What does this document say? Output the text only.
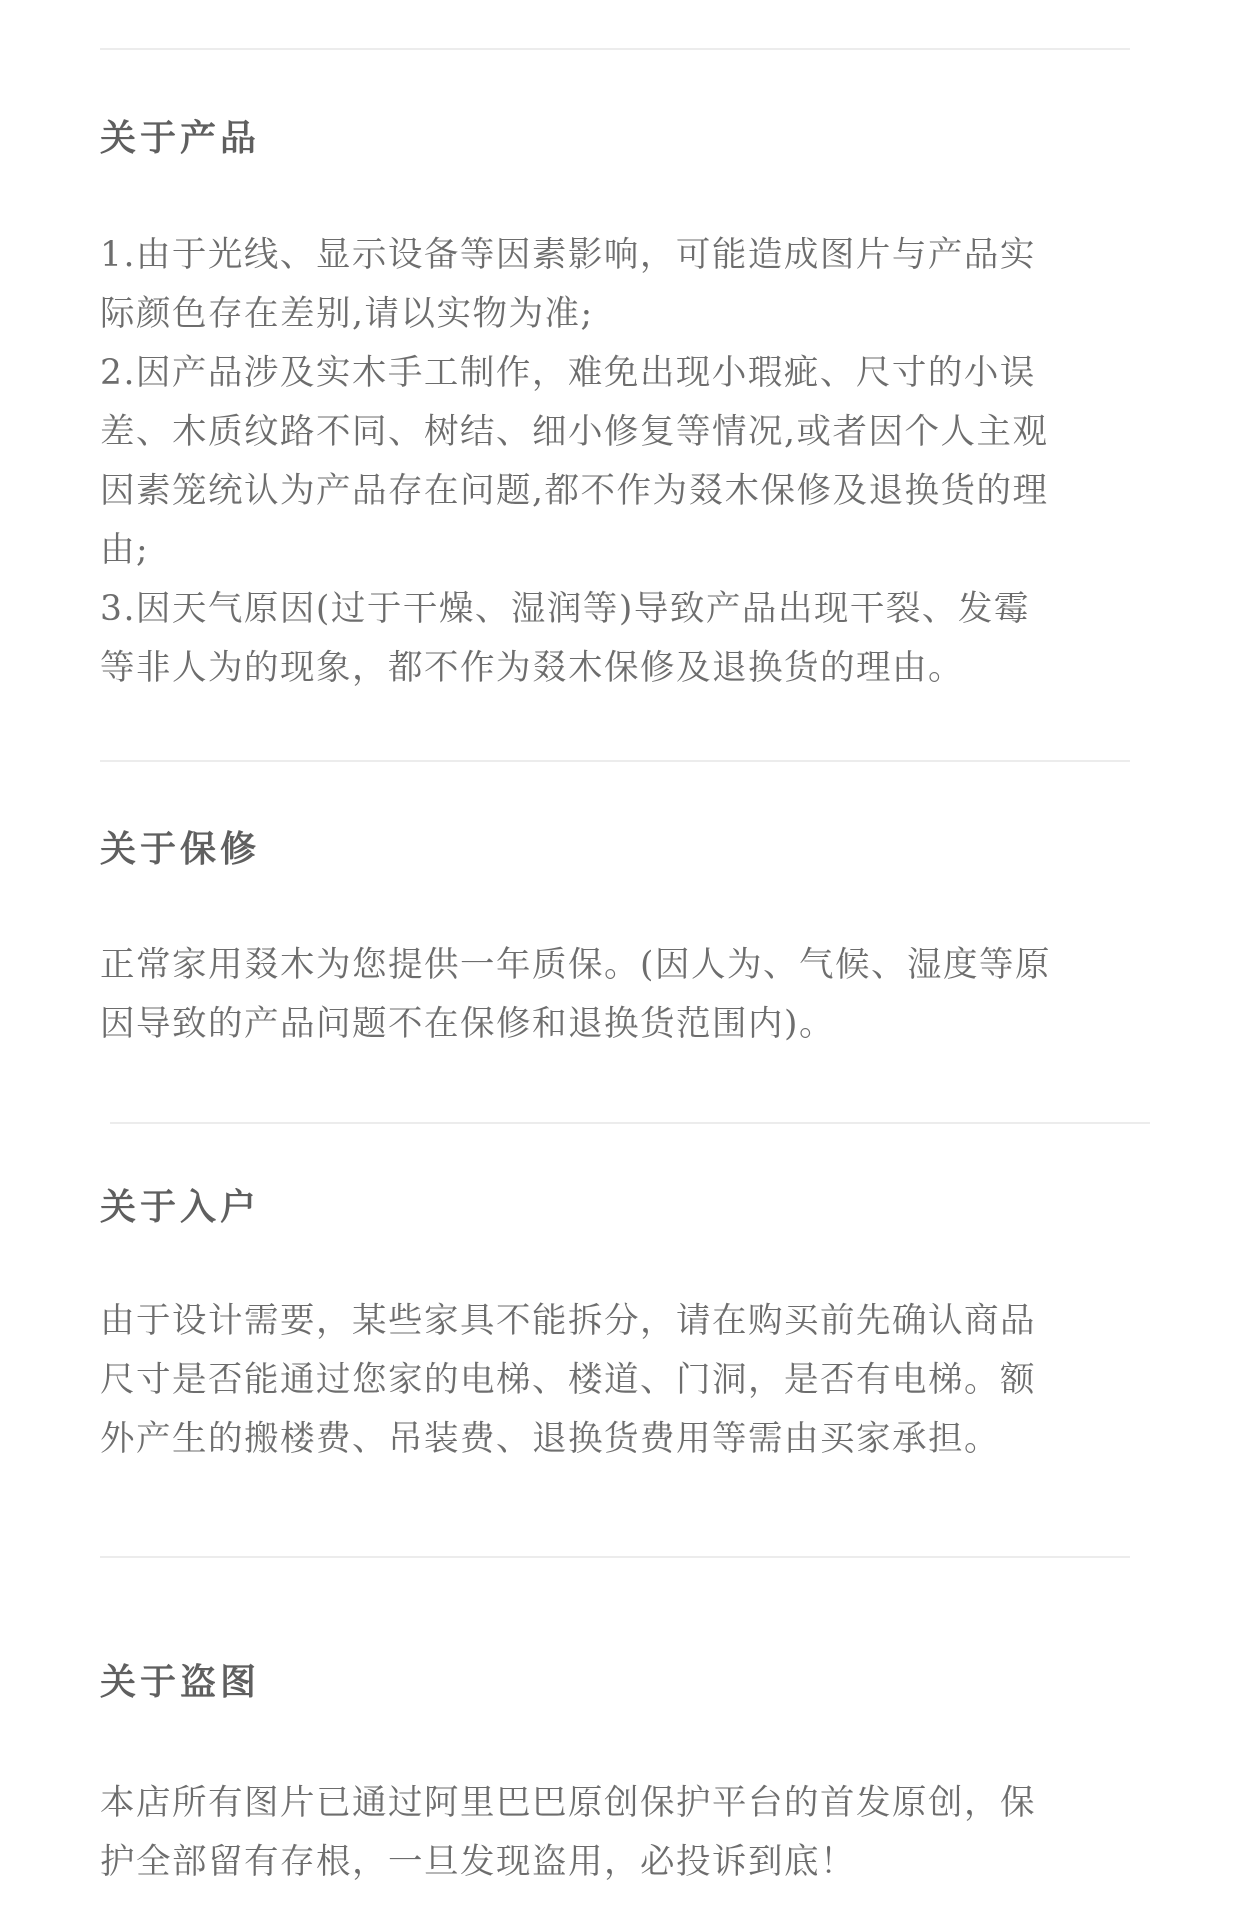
关于产品
1.由于光线、显示设备等因素影响，可能造成图片与产品实
际颜色存在差别,请以实物为准;
2.因产品涉及实木手工制作，难免出现小瑕疵、尺寸的小误
差、木质纹路不同、树结、细小修复等情况,或者因个人主观
因素笼统认为产品存在问题,都不作为叕木保修及退换货的理
由;
3.因天气原因(过于干燥、湿润等)导致产品出现干裂、发霉
等非人为的现象，都不作为叕木保修及退换货的理由。
关于保修
正常家用叕木为您提供一年质保。(因人为、气候、湿度等原
因导致的产品问题不在保修和退换货范围内)。
关于入户
由于设计需要，某些家具不能拆分，请在购买前先确认商品
尺寸是否能通过您家的电梯、楼道、门洞，是否有电梯。额
外产生的搬楼费、吊装费、退换货费用等需由买家承担。
关于盗图
本店所有图片已通过阿里巴巴原创保护平台的首发原创，保
护全部留有存根，一旦发现盗用，必投诉到底！
